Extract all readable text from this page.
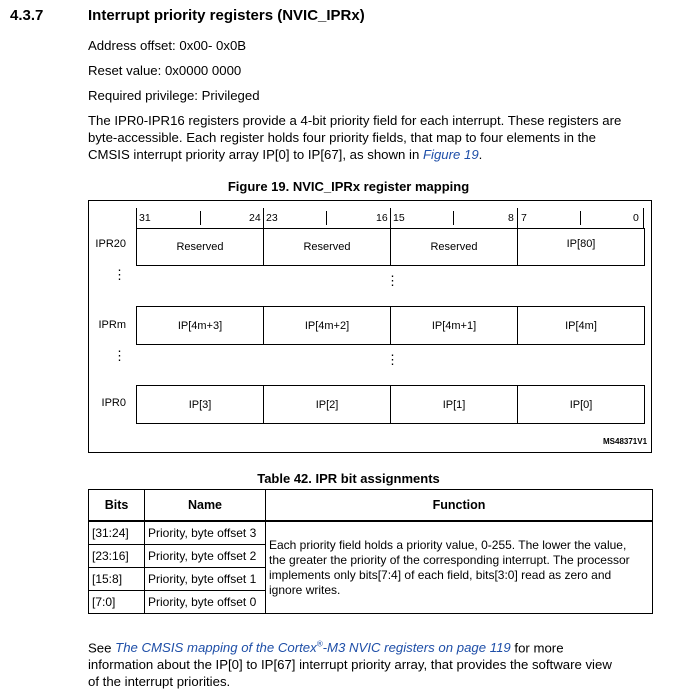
4.3.7	Interrupt priority registers (NVIC_IPRx)
Address offset: 0x00- 0x0B
Reset value: 0x0000 0000
Required privilege: Privileged
The IPR0-IPR16 registers provide a 4-bit priority field for each interrupt. These registers are
byte-accessible. Each register holds four priority fields, that map to four elements in the
CMSIS interrupt priority array IP[0] to IP[67], as shown in Figure 19.
Figure 19. NVIC_IPRx register mapping
31	24 23	16 15	8 7	0
IPR20	Reserved	Reserved	Reserved	IP[80]
⋮	⋮
IPRm	IP[4m+3]	IP[4m+2]	IP[4m+1]	IP[4m]
⋮	⋮
IPR0	IP[3]	IP[2]	IP[1]	IP[0]
MS48371V1
Table 42. IPR bit assignments
Bits	Name	Function
[31:24]	Priority, byte offset 3	Each priority field holds a priority value, 0-255. The lower the value,
the greater the priority of the corresponding interrupt. The processor
implements only bits[7:4] of each field, bits[3:0] read as zero and
ignore writes.

[23:16]	Priority, byte offset 2	
[15:8]	Priority, byte offset 1	
[7:0]	Priority, byte offset 0	
See The CMSIS mapping of the Cortex®-M3 NVIC registers on page 119 for more
information about the IP[0] to IP[67] interrupt priority array, that provides the software view
of the interrupt priorities.
